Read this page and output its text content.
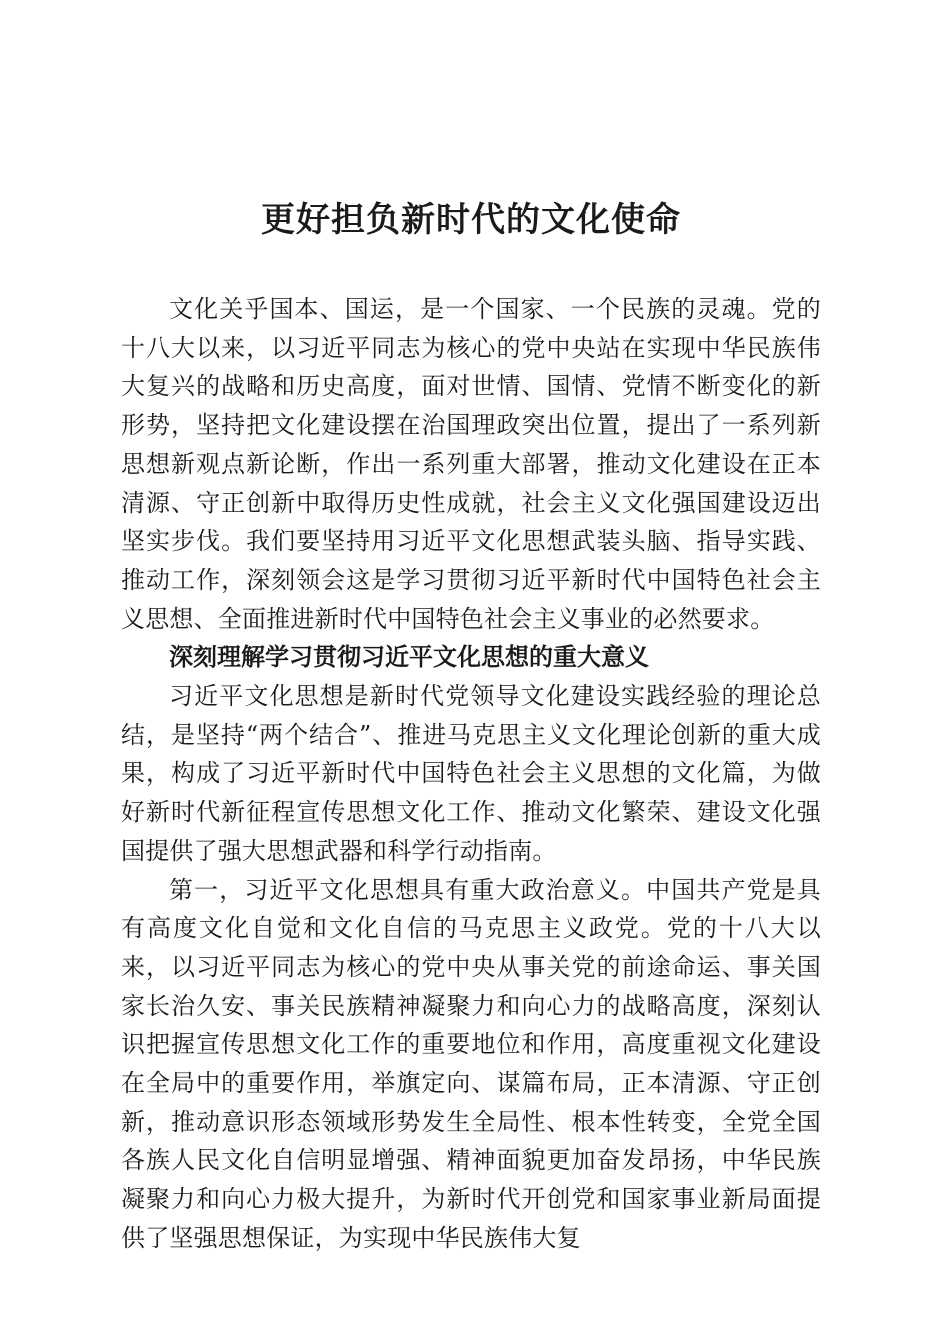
更好担负新时代的文化使命

文化关乎国本、国运，是一个国家、一个民族的灵魂。党的十八大以来，以习近平同志为核心的党中央站在实现中华民族伟大复兴的战略和历史高度，面对世情、国情、党情不断变化的新形势，坚持把文化建设摆在治国理政突出位置，提出了一系列新思想新观点新论断，作出一系列重大部署，推动文化建设在正本清源、守正创新中取得历史性成就，社会主义文化强国建设迈出坚实步伐。我们要坚持用习近平文化思想武装头脑、指导实践、推动工作，深刻领会这是学习贯彻习近平新时代中国特色社会主义思想、全面推进新时代中国特色社会主义事业的必然要求。

深刻理解学习贯彻习近平文化思想的重大意义

习近平文化思想是新时代党领导文化建设实践经验的理论总结，是坚持“两个结合”、推进马克思主义文化理论创新的重大成果，构成了习近平新时代中国特色社会主义思想的文化篇，为做好新时代新征程宣传思想文化工作、推动文化繁荣、建设文化强国提供了强大思想武器和科学行动指南。

第一，习近平文化思想具有重大政治意义。中国共产党是具有高度文化自觉和文化自信的马克思主义政党。党的十八大以来，以习近平同志为核心的党中央从事关党的前途命运、事关国家长治久安、事关民族精神凝聚力和向心力的战略高度，深刻认识把握宣传思想文化工作的重要地位和作用，高度重视文化建设在全局中的重要作用，举旗定向、谋篇布局，正本清源、守正创新，推动意识形态领域形势发生全局性、根本性转变，全党全国各族人民文化自信明显增强、精神面貌更加奋发昂扬，中华民族凝聚力和向心力极大提升，为新时代开创党和国家事业新局面提供了坚强思想保证，为实现中华民族伟大复
